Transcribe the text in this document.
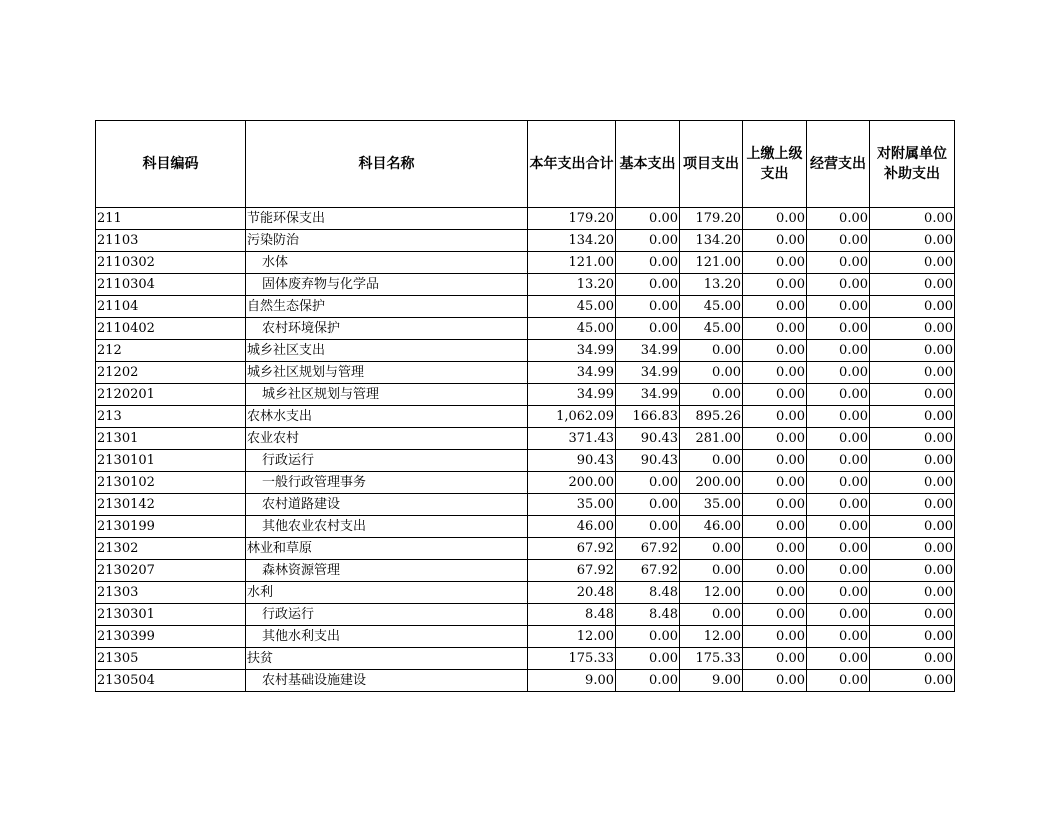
科目编码	科目名称	本年支出合计	基本支出	项目支出	上缴上级支出	经营支出	对附属单位补助支出
211	节能环保支出	179.20	0.00	179.20	0.00	0.00	0.00
21103	污染防治	134.20	0.00	134.20	0.00	0.00	0.00
2110302	水体	121.00	0.00	121.00	0.00	0.00	0.00
2110304	固体废弃物与化学品	13.20	0.00	13.20	0.00	0.00	0.00
21104	自然生态保护	45.00	0.00	45.00	0.00	0.00	0.00
2110402	农村环境保护	45.00	0.00	45.00	0.00	0.00	0.00
212	城乡社区支出	34.99	34.99	0.00	0.00	0.00	0.00
21202	城乡社区规划与管理	34.99	34.99	0.00	0.00	0.00	0.00
2120201	城乡社区规划与管理	34.99	34.99	0.00	0.00	0.00	0.00
213	农林水支出	1,062.09	166.83	895.26	0.00	0.00	0.00
21301	农业农村	371.43	90.43	281.00	0.00	0.00	0.00
2130101	行政运行	90.43	90.43	0.00	0.00	0.00	0.00
2130102	一般行政管理事务	200.00	0.00	200.00	0.00	0.00	0.00
2130142	农村道路建设	35.00	0.00	35.00	0.00	0.00	0.00
2130199	其他农业农村支出	46.00	0.00	46.00	0.00	0.00	0.00
21302	林业和草原	67.92	67.92	0.00	0.00	0.00	0.00
2130207	森林资源管理	67.92	67.92	0.00	0.00	0.00	0.00
21303	水利	20.48	8.48	12.00	0.00	0.00	0.00
2130301	行政运行	8.48	8.48	0.00	0.00	0.00	0.00
2130399	其他水利支出	12.00	0.00	12.00	0.00	0.00	0.00
21305	扶贫	175.33	0.00	175.33	0.00	0.00	0.00
2130504	农村基础设施建设	9.00	0.00	9.00	0.00	0.00	0.00
